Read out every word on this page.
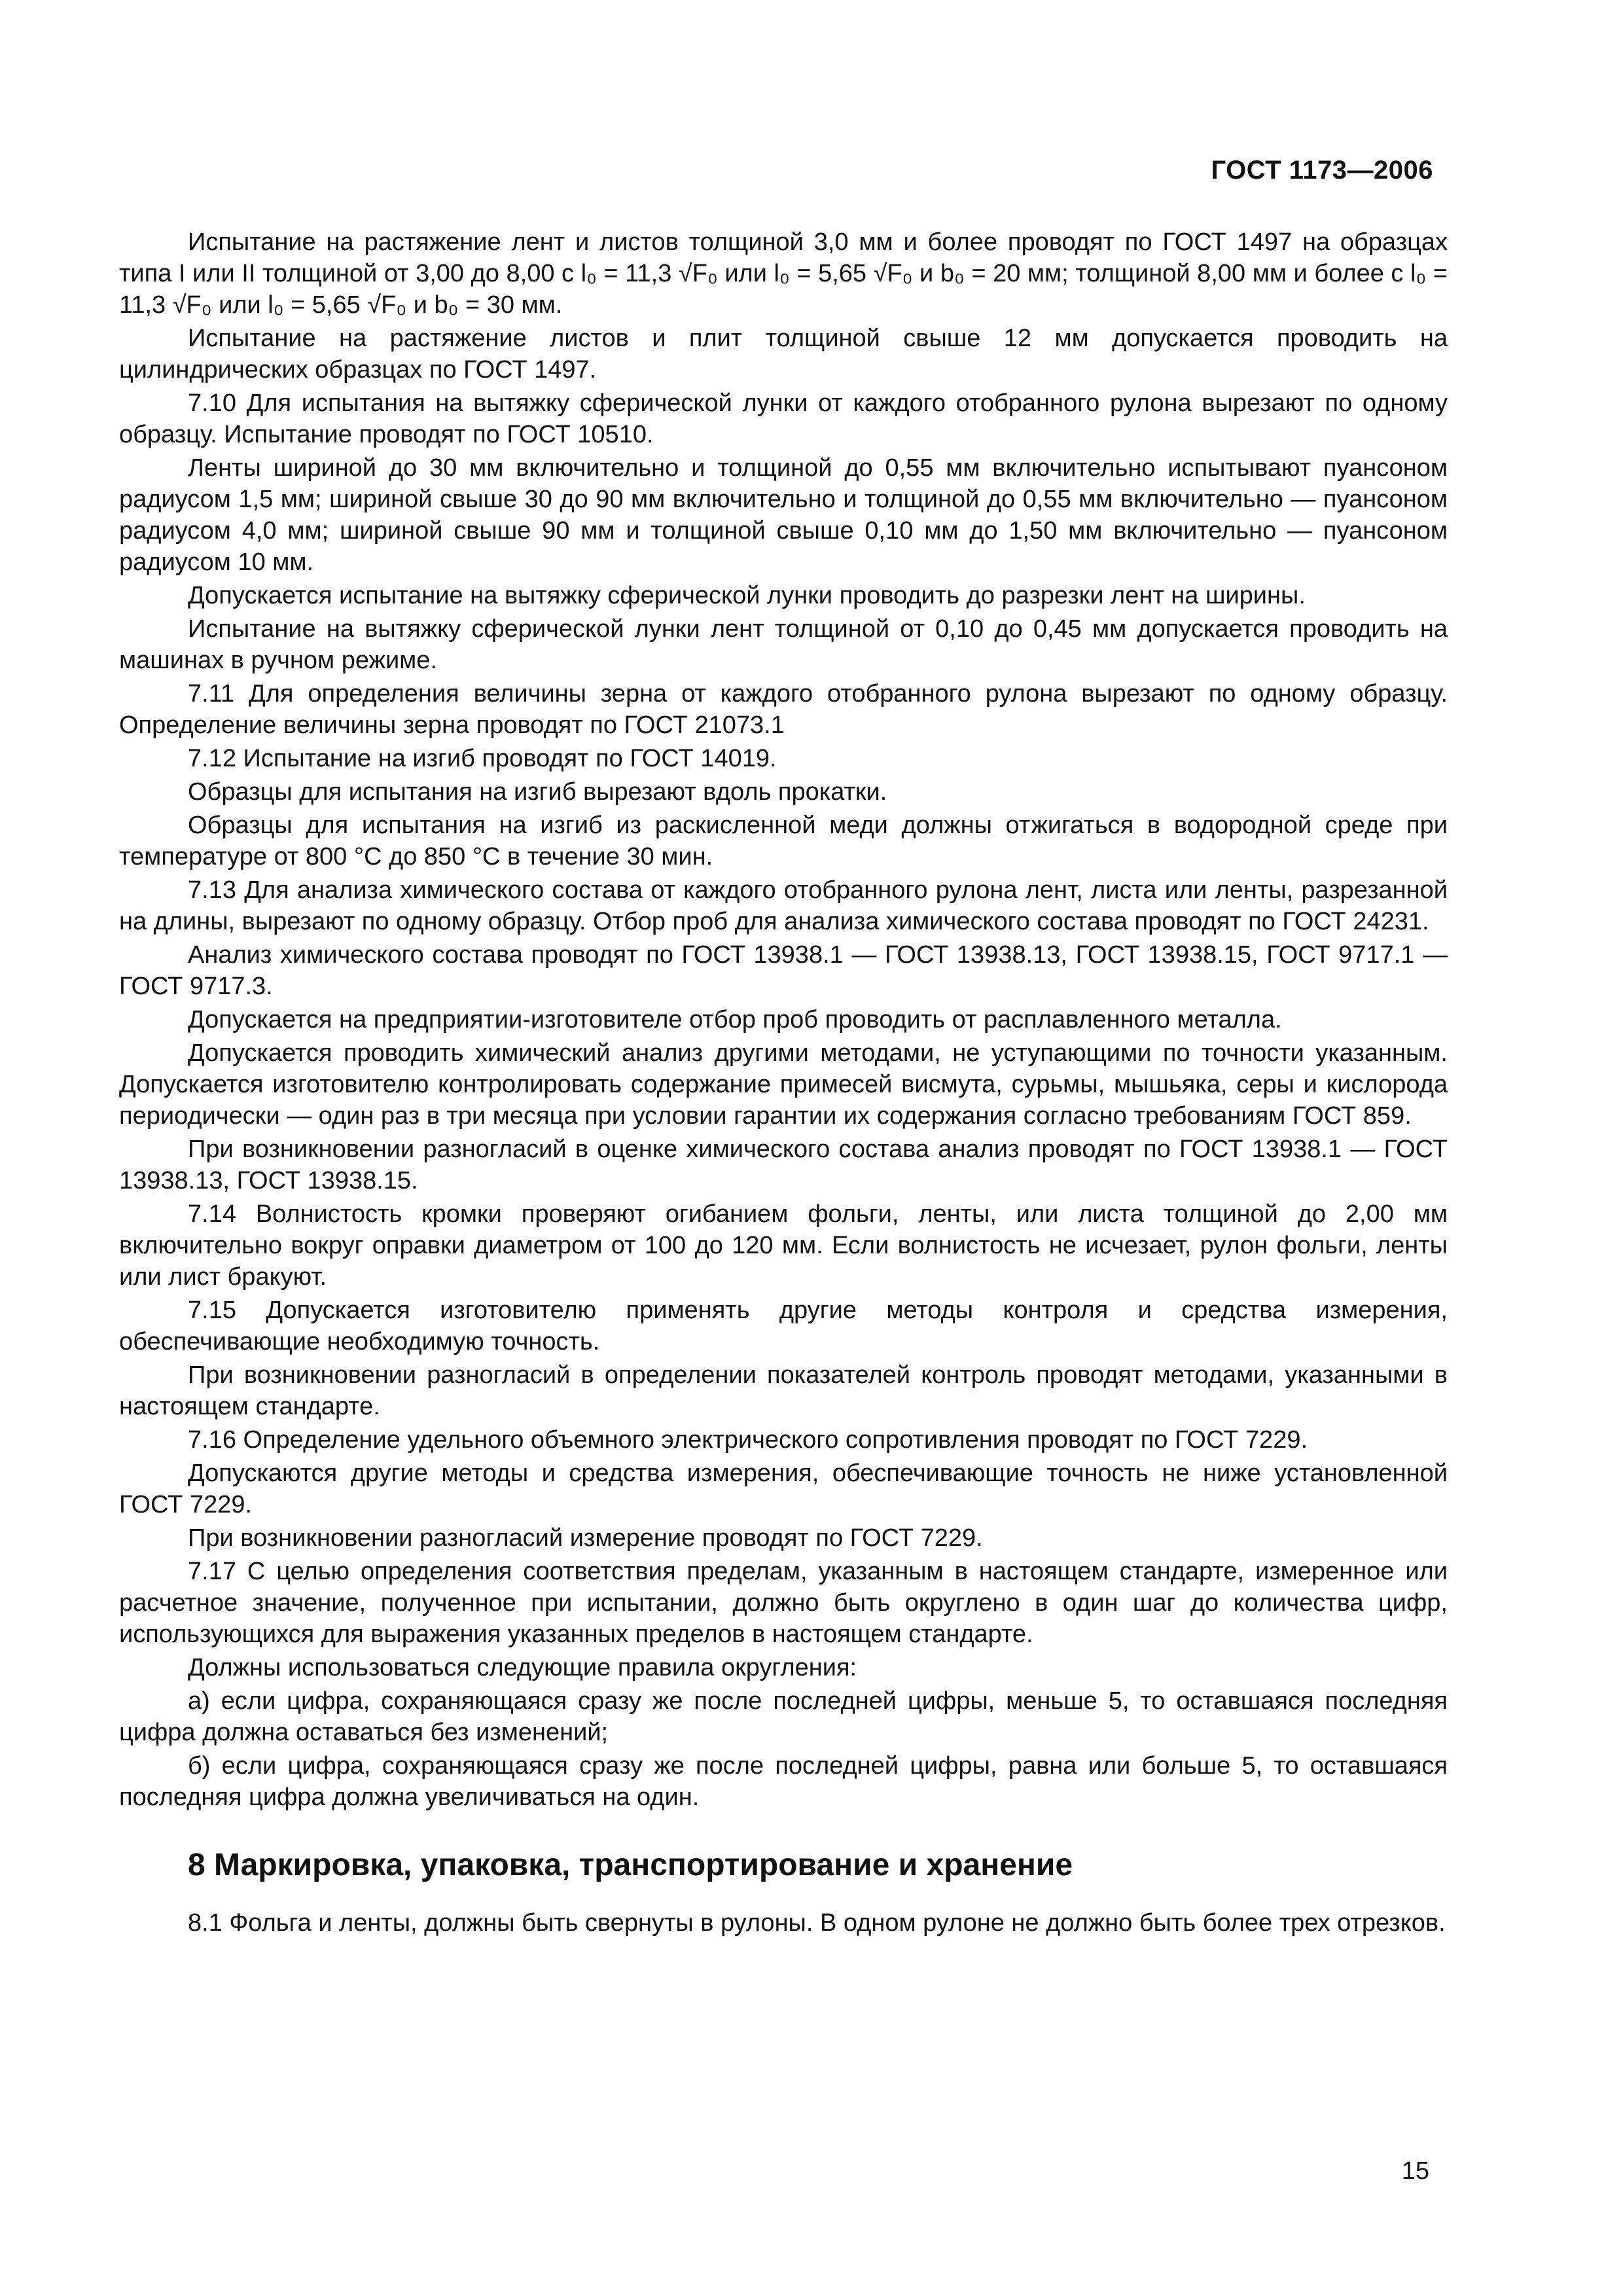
ГОСТ 1173—2006

Испытание на растяжение лент и листов толщиной 3,0 мм и более проводят по ГОСТ 1497 на образцах типа I или II толщиной от 3,00 до 8,00 с l₀ = 11,3 √F₀ или l₀ = 5,65 √F₀ и b₀ = 20 мм; толщиной 8,00 мм и более с l₀ = 11,3 √F₀ или l₀ = 5,65 √F₀ и b₀ = 30 мм.

Испытание на растяжение листов и плит толщиной свыше 12 мм допускается проводить на цилиндрических образцах по ГОСТ 1497.

7.10 Для испытания на вытяжку сферической лунки от каждого отобранного рулона вырезают по одному образцу. Испытание проводят по ГОСТ 10510.

Ленты шириной до 30 мм включительно и толщиной до 0,55 мм включительно испытывают пуансоном радиусом 1,5 мм; шириной свыше 30 до 90 мм включительно и толщиной до 0,55 мм включительно — пуансоном радиусом 4,0 мм; шириной свыше 90 мм и толщиной свыше 0,10 мм до 1,50 мм включительно — пуансоном радиусом 10 мм.

Допускается испытание на вытяжку сферической лунки проводить до разрезки лент на ширины.

Испытание на вытяжку сферической лунки лент толщиной от 0,10 до 0,45 мм допускается проводить на машинах в ручном режиме.

7.11 Для определения величины зерна от каждого отобранного рулона вырезают по одному образцу. Определение величины зерна проводят по ГОСТ 21073.1

7.12 Испытание на изгиб проводят по ГОСТ 14019.

Образцы для испытания на изгиб вырезают вдоль прокатки.

Образцы для испытания на изгиб из раскисленной меди должны отжигаться в водородной среде при температуре от 800 °С до 850 °С в течение 30 мин.

7.13 Для анализа химического состава от каждого отобранного рулона лент, листа или ленты, разрезанной на длины, вырезают по одному образцу. Отбор проб для анализа химического состава проводят по ГОСТ 24231.

Анализ химического состава проводят по ГОСТ 13938.1 — ГОСТ 13938.13, ГОСТ 13938.15, ГОСТ 9717.1 — ГОСТ 9717.3.

Допускается на предприятии-изготовителе отбор проб проводить от расплавленного металла.

Допускается проводить химический анализ другими методами, не уступающими по точности указанным. Допускается изготовителю контролировать содержание примесей висмута, сурьмы, мышьяка, серы и кислорода периодически — один раз в три месяца при условии гарантии их содержания согласно требованиям ГОСТ 859.

При возникновении разногласий в оценке химического состава анализ проводят по ГОСТ 13938.1 — ГОСТ 13938.13, ГОСТ 13938.15.

7.14 Волнистость кромки проверяют огибанием фольги, ленты, или листа толщиной до 2,00 мм включительно вокруг оправки диаметром от 100 до 120 мм. Если волнистость не исчезает, рулон фольги, ленты или лист бракуют.

7.15 Допускается изготовителю применять другие методы контроля и средства измерения, обеспечивающие необходимую точность.

При возникновении разногласий в определении показателей контроль проводят методами, указанными в настоящем стандарте.

7.16 Определение удельного объемного электрического сопротивления проводят по ГОСТ 7229.

Допускаются другие методы и средства измерения, обеспечивающие точность не ниже установленной ГОСТ 7229.

При возникновении разногласий измерение проводят по ГОСТ 7229.

7.17 С целью определения соответствия пределам, указанным в настоящем стандарте, измеренное или расчетное значение, полученное при испытании, должно быть округлено в один шаг до количества цифр, использующихся для выражения указанных пределов в настоящем стандарте.

Должны использоваться следующие правила округления:

а) если цифра, сохраняющаяся сразу же после последней цифры, меньше 5, то оставшаяся последняя цифра должна оставаться без изменений;

б) если цифра, сохраняющаяся сразу же после последней цифры, равна или больше 5, то оставшаяся последняя цифра должна увеличиваться на один.

8 Маркировка, упаковка, транспортирование и хранение

8.1 Фольга и ленты, должны быть свернуты в рулоны. В одном рулоне не должно быть более трех отрезков.

15
